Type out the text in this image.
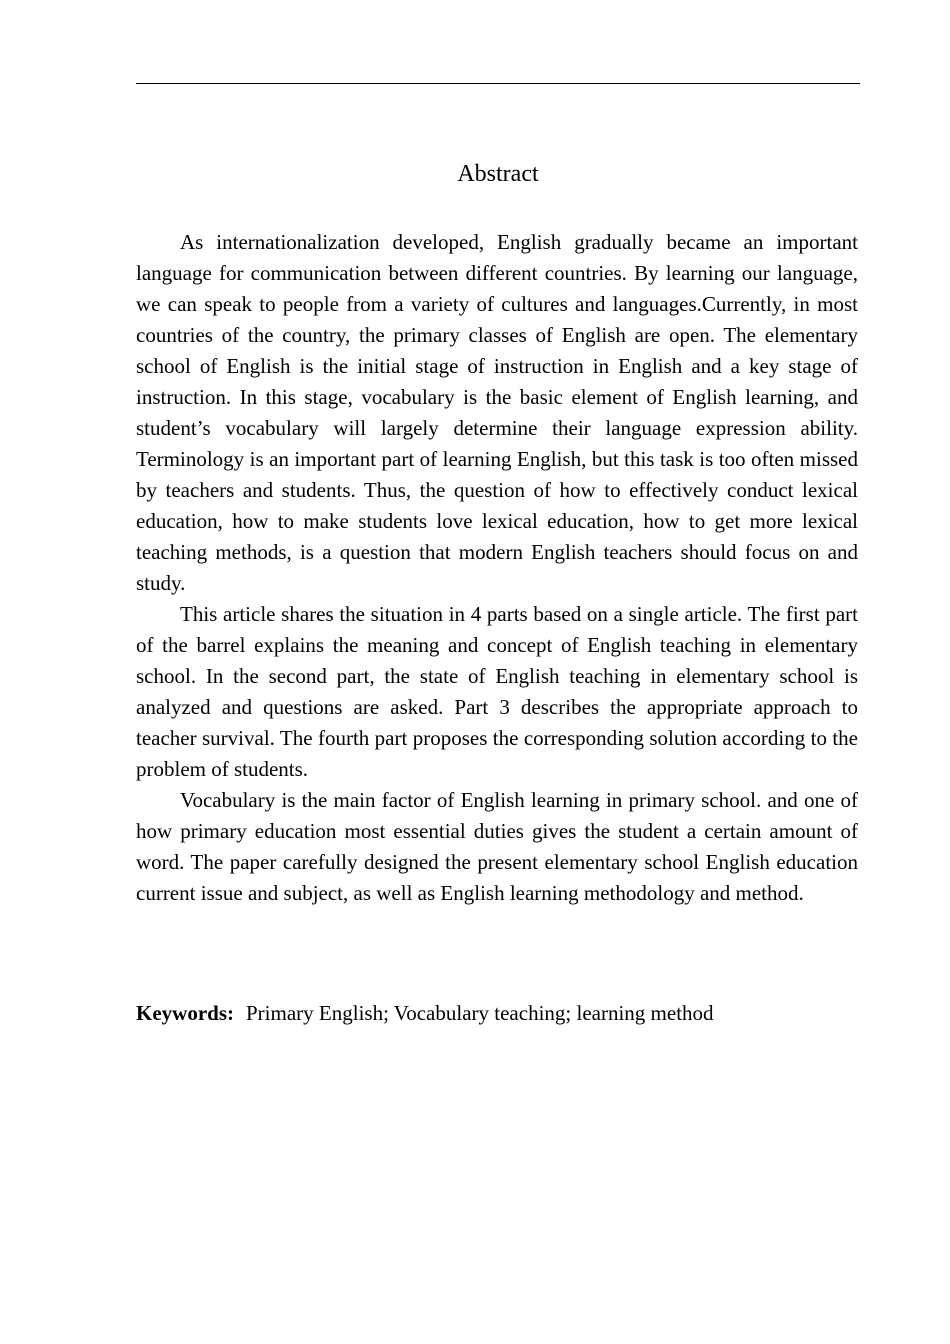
Abstract

As internationalization developed, English gradually became an important language for communication between different countries. By learning our language, we can speak to people from a variety of cultures and languages.Currently, in most countries of the country, the primary classes of English are open. The elementary school of English is the initial stage of instruction in English and a key stage of instruction. In this stage, vocabulary is the basic element of English learning, and student’s vocabulary will largely determine their language expression ability. Terminology is an important part of learning English, but this task is too often missed by teachers and students. Thus, the question of how to effectively conduct lexical education, how to make students love lexical education, how to get more lexical teaching methods, is a question that modern English teachers should focus on and study.

This article shares the situation in 4 parts based on a single article. The first part of the barrel explains the meaning and concept of English teaching in elementary school. In the second part, the state of English teaching in elementary school is analyzed and questions are asked. Part 3 describes the appropriate approach to teacher survival. The fourth part proposes the corresponding solution according to the problem of students.

Vocabulary is the main factor of English learning in primary school. and one of how primary education most essential duties gives the student a certain amount of word. The paper carefully designed the present elementary school English education current issue and subject, as well as English learning methodology and method.

Keywords: Primary English; Vocabulary teaching; learning method
